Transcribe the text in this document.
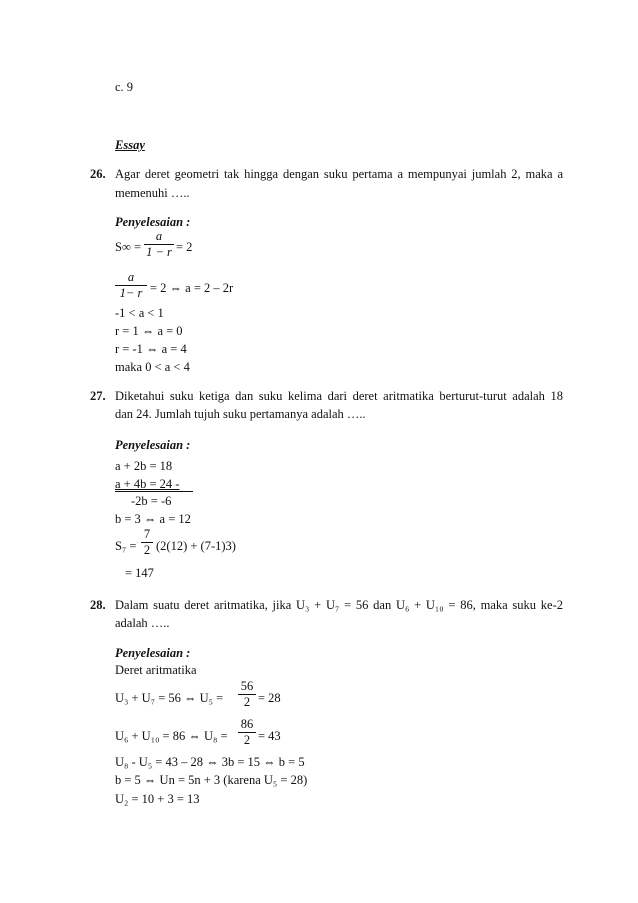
c. 9
Essay
26. Agar deret geometri tak hingga dengan suku pertama a mempunyai jumlah 2, maka a
memenuhi …..
Penyelesaian :
S∞ =
a
1 − r = 2
a
1− r = 2 ⇔ a = 2 – 2r
-1 < a < 1
r = 1 ⇔ a = 0
r = -1 ⇔ a = 4
maka 0 < a < 4
27. Diketahui suku ketiga dan suku kelima dari deret aritmatika berturut-turut adalah 18
dan 24. Jumlah tujuh suku pertamanya adalah …..
Penyelesaian :
a + 2b = 18
a + 4b = 24 -
-2b = -6
b = 3 ⇔ a = 12
S₇ =
7
2 (2(12) + (7-1)3)
= 147
28. Dalam suatu deret aritmatika, jika U₃ + U₇ = 56 dan U₆ + U₁₀ = 86, maka suku ke-2
adalah …..
Penyelesaian :
Deret aritmatika
U₃ + U₇ = 56 ⇔ U₅ =
56
2 = 28
U₆ + U₁₀ = 86 ⇔ U₈ =
86
2 = 43
U₈ - U₅ = 43 – 28 ⇔ 3b = 15 ⇔ b = 5
b = 5 ⇔ Un = 5n + 3 (karena U₅ = 28)
U₂ = 10 + 3 = 13
